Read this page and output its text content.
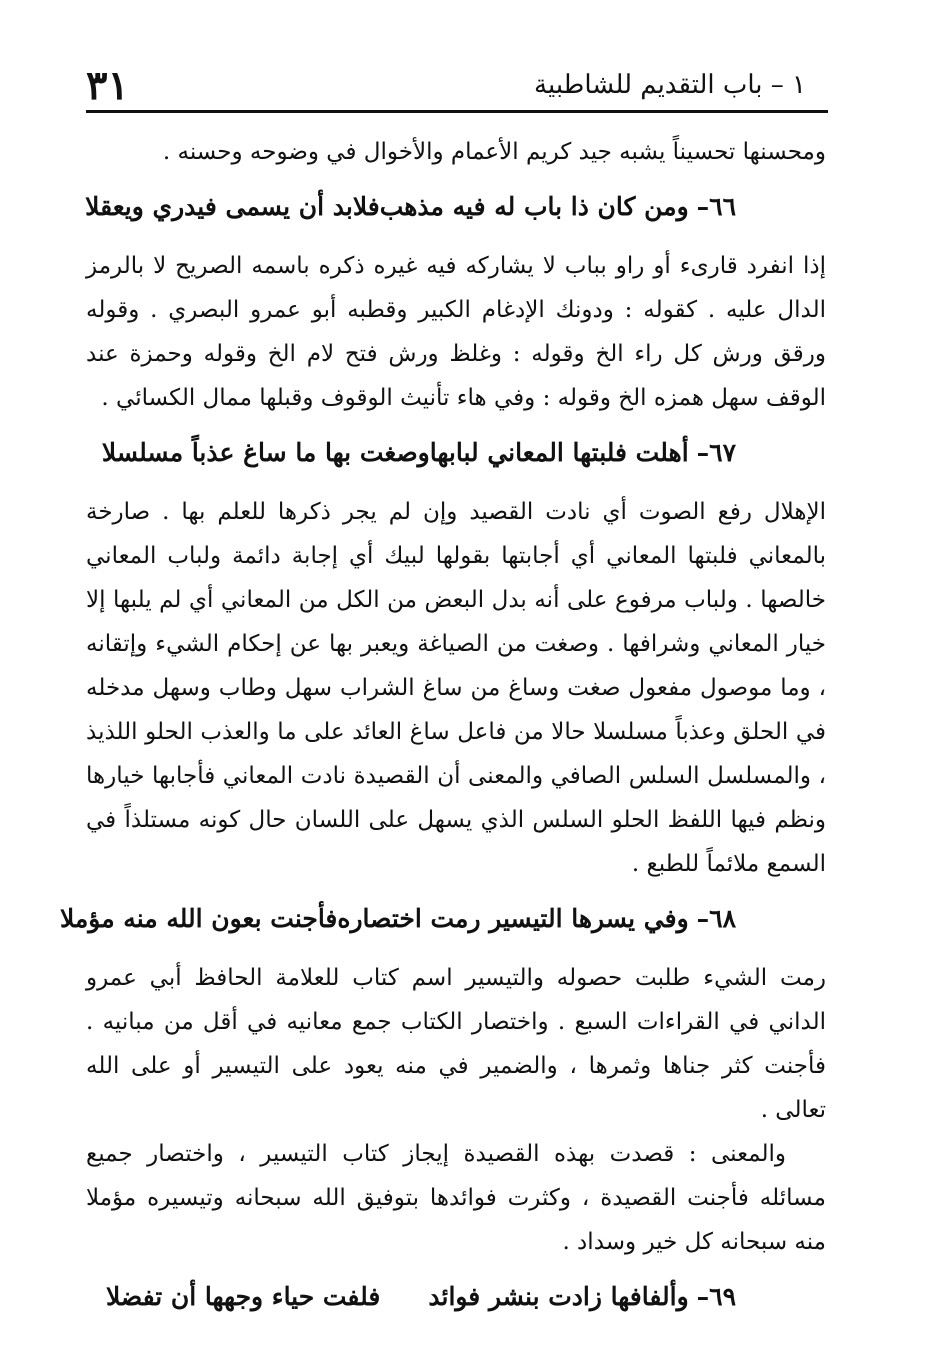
٣١	١ – باب التقديم للشاطبية

ومحسنها تحسيناً يشبه جيد كريم الأعمام والأخوال في وضوحه وحسنه .

٦٦–ومن كان ذا باب له فيه مذهب
فلابد أن يسمى فيدري ويعقلا

إذا انفرد قارىء أو راو بباب لا يشاركه فيه غيره ذكره باسمه الصريح لا بالرمز الدال عليه . كقوله : ودونك الإدغام الكبير وقطبه أبو عمرو البصري . وقوله ورقق ورش كل راء الخ وقوله : وغلظ ورش فتح لام الخ وقوله وحمزة عند الوقف سهل همزه الخ وقوله : وفي هاء تأنيث الوقوف وقبلها ممال الكسائي .

٦٧–أهلت فلبتها المعاني لبابها
وصغت بها ما ساغ عذباً مسلسلا

الإهلال رفع الصوت أي نادت القصيد وإن لم يجر ذكرها للعلم بها . صارخة بالمعاني فلبتها المعاني أي أجابتها بقولها لبيك أي إجابة دائمة ولباب المعاني خالصها . ولباب مرفوع على أنه بدل البعض من الكل من المعاني أي لم يلبها إلا خيار المعاني وشرافها . وصغت من الصياغة ويعبر بها عن إحكام الشيء وإتقانه ، وما موصول مفعول صغت وساغ من ساغ الشراب سهل وطاب وسهل مدخله في الحلق وعذباً مسلسلا حالا من فاعل ساغ العائد على ما والعذب الحلو اللذيذ ، والمسلسل السلس الصافي والمعنى أن القصيدة نادت المعاني فأجابها خيارها ونظم فيها اللفظ الحلو السلس الذي يسهل على اللسان حال كونه مستلذاً في السمع ملائماً للطبع .

٦٨–وفي يسرها التيسير رمت اختصاره
فأجنت بعون الله منه مؤملا

رمت الشيء طلبت حصوله والتيسير اسم كتاب للعلامة الحافظ أبي عمرو الداني في القراءات السبع . واختصار الكتاب جمع معانيه في أقل من مبانيه . فأجنت كثر جناها وثمرها ، والضمير في منه يعود على التيسير أو على الله تعالى .

والمعنى : قصدت بهذه القصيدة إيجاز كتاب التيسير ، واختصار جميع مسائله فأجنت القصيدة ، وكثرت فوائدها بتوفيق الله سبحانه وتيسيره مؤملا منه سبحانه كل خير وسداد .

٦٩–وألفافها زادت بنشر فوائد
فلفت حياء وجهها أن تفضلا
